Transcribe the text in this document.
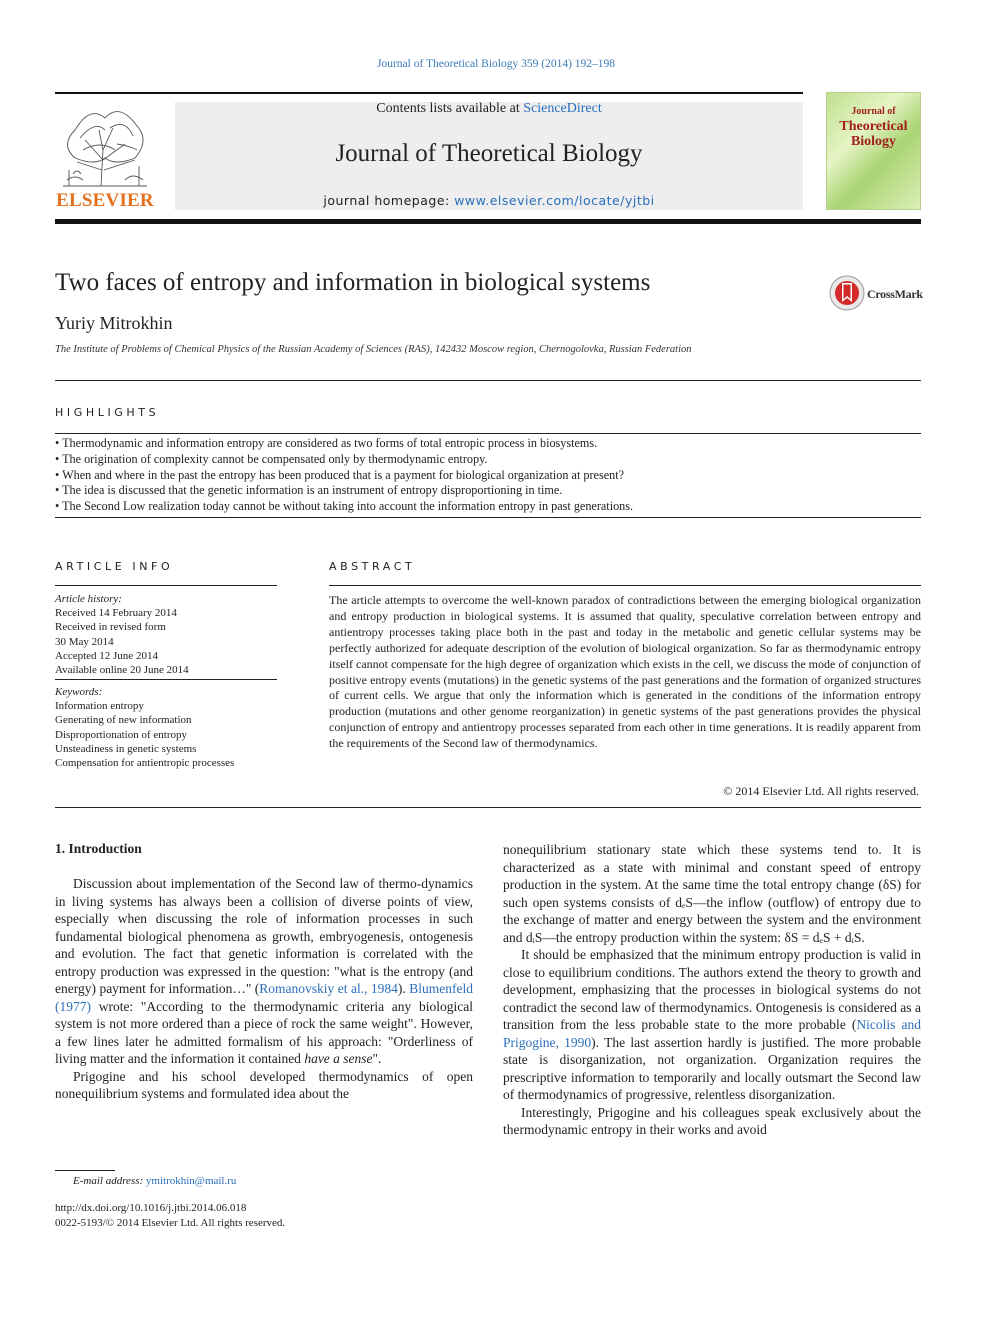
Journal of Theoretical Biology 359 (2014) 192–198
ELSEVIER
Contents lists available at ScienceDirect
Journal of Theoretical Biology
journal homepage: www.elsevier.com/locate/yjtbi
Journal of
Theoretical
Biology
Two faces of entropy and information in biological systems	CrossMark
Yuriy Mitrokhin
The Institute of Problems of Chemical Physics of the Russian Academy of Sciences (RAS), 142432 Moscow region, Chernogolovka, Russian Federation
HIGHLIGHTS
• Thermodynamic and information entropy are considered as two forms of total entropic process in biosystems.
• The origination of complexity cannot be compensated only by thermodynamic entropy.
• When and where in the past the entropy has been produced that is a payment for biological organization at present?
• The idea is discussed that the genetic information is an instrument of entropy disproportioning in time.
• The Second Low realization today cannot be without taking into account the information entropy in past generations.
ARTICLE INFO
Article history:
Received 14 February 2014
Received in revised form
30 May 2014
Accepted 12 June 2014
Available online 20 June 2014
Keywords:
Information entropy
Generating of new information
Disproportionation of entropy
Unsteadiness in genetic systems
Compensation for antientropic processes
ABSTRACT
The article attempts to overcome the well-known paradox of contradictions between the emerging biological organization and entropy production in biological systems. It is assumed that quality, speculative correlation between entropy and antientropy processes taking place both in the past and today in the metabolic and genetic cellular systems may be perfectly authorized for adequate description of the evolution of biological organization. So far as thermodynamic entropy itself cannot compensate for the high degree of organization which exists in the cell, we discuss the mode of conjunction of positive entropy events (mutations) in the genetic systems of the past generations and the formation of organized structures of current cells. We argue that only the information which is generated in the conditions of the information entropy production (mutations and other genome reorganization) in genetic systems of the past generations provides the physical conjunction of entropy and antientropy processes separated from each other in time generations. It is readily apparent from the requirements of the Second law of thermodynamics.
© 2014 Elsevier Ltd. All rights reserved.
1. Introduction

Discussion about implementation of the Second law of thermo-dynamics in living systems has always been a collision of diverse points of view, especially when discussing the role of information processes in such fundamental biological phenomena as growth, embryogenesis, ontogenesis and evolution. The fact that genetic information is correlated with the entropy production was expressed in the question: "what is the entropy (and energy) payment for information…" (Romanovskiy et al., 1984). Blumenfeld (1977) wrote: "According to the thermodynamic criteria any biological system is not more ordered than a piece of rock the same weight". However, a few lines later he admitted formalism of his approach: "Orderliness of living matter and the information it contained have a sense".

Prigogine and his school developed thermodynamics of open nonequilibrium systems and formulated idea about the

nonequilibrium stationary state which these systems tend to. It is characterized as a state with minimal and constant speed of entropy production in the system. At the same time the total entropy change (δS) for such open systems consists of dₑS—the inflow (outflow) of entropy due to the exchange of matter and energy between the system and the environment and dᵢS—the entropy production within the system: δS = dₑS + dᵢS.

It should be emphasized that the minimum entropy production is valid in close to equilibrium conditions. The authors extend the theory to growth and development, emphasizing that the processes in biological systems do not contradict the second law of thermodynamics. Ontogenesis is considered as a transition from the less probable state to the more probable (Nicolis and Prigogine, 1990). The last assertion hardly is justified. The more probable state is disorganization, not organization. Organization requires the prescriptive information to temporarily and locally outsmart the Second law of thermodynamics of progressive, relentless disorganization.

Interestingly, Prigogine and his colleagues speak exclusively about the thermodynamic entropy in their works and avoid

E-mail address: ymitrokhin@mail.ru
http://dx.doi.org/10.1016/j.jtbi.2014.06.018
0022-5193/© 2014 Elsevier Ltd. All rights reserved.
